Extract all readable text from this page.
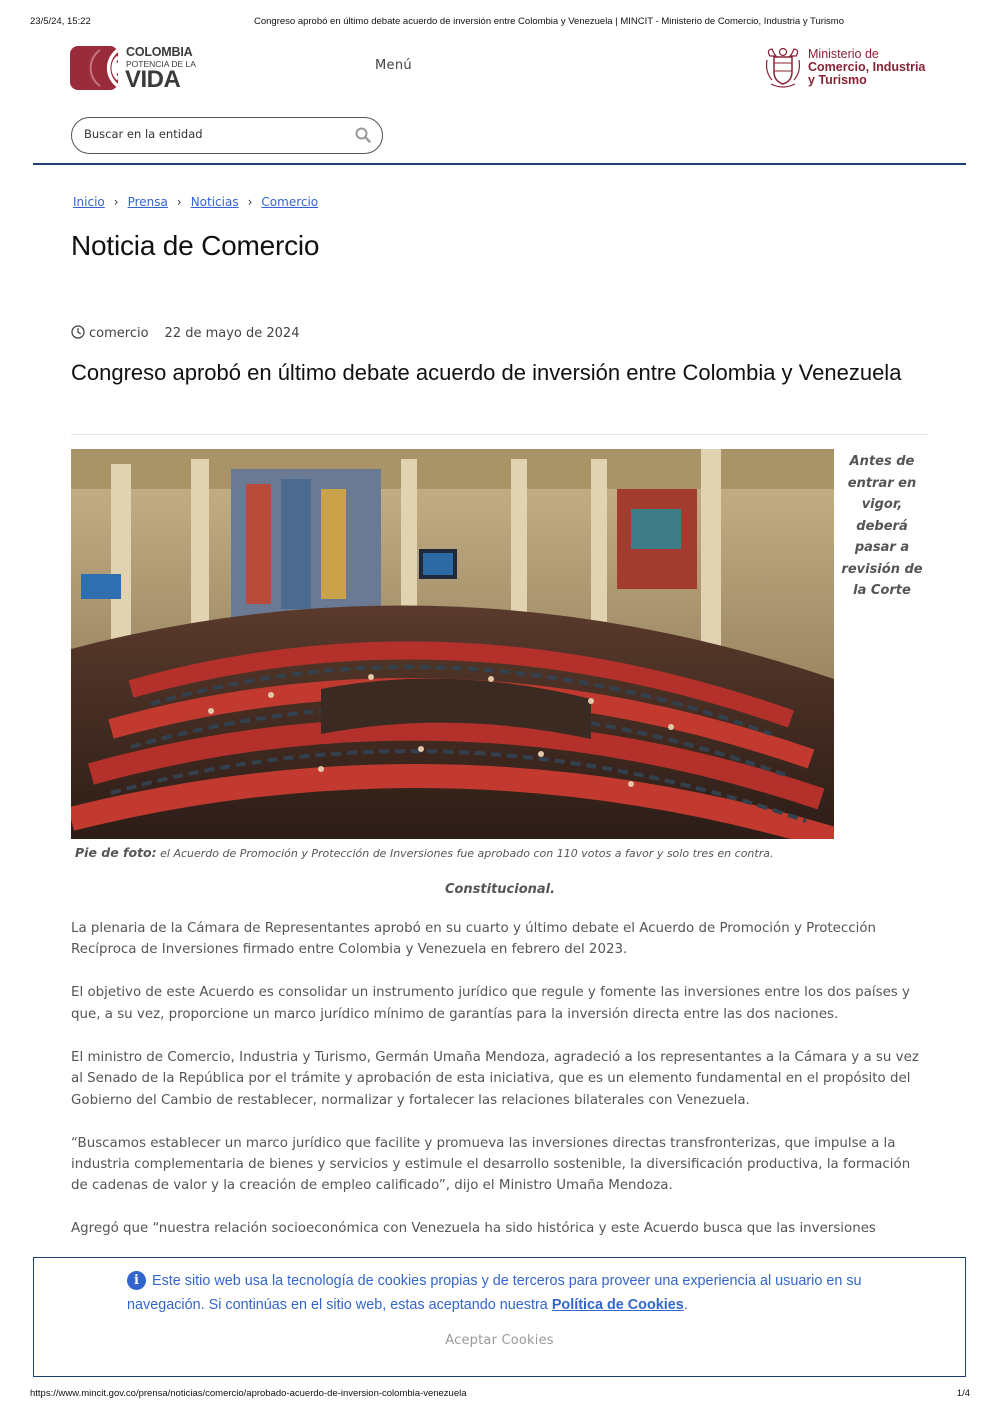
23/5/24, 15:22	Congreso aprobó en último debate acuerdo de inversión entre Colombia y Venezuela | MINCIT - Ministerio de Comercio, Industria y Turismo
COLOMBIA
POTENCIA DE LA
VIDA
Menú
Ministerio de
Comercio, Industria
y Turismo
Buscar en la entidad
Inicio › Prensa › Noticias › Comercio
Noticia de Comercio
comercio 22 de mayo de 2024
Congreso aprobó en último debate acuerdo de inversión entre Colombia y Venezuela

Antes de entrar en vigor, deberá pasar a revisión de la Corte

Pie de foto: el Acuerdo de Promoción y Protección de Inversiones fue aprobado con 110 votos a favor y solo tres en contra.

Constitucional.

La plenaria de la Cámara de Representantes aprobó en su cuarto y último debate el Acuerdo de Promoción y Protección Recíproca de Inversiones firmado entre Colombia y Venezuela en febrero del 2023.

El objetivo de este Acuerdo es consolidar un instrumento jurídico que regule y fomente las inversiones entre los dos países y que, a su vez, proporcione un marco jurídico mínimo de garantías para la inversión directa entre las dos naciones.

El ministro de Comercio, Industria y Turismo, Germán Umaña Mendoza, agradeció a los representantes a la Cámara y a su vez al Senado de la República por el trámite y aprobación de esta iniciativa, que es un elemento fundamental en el propósito del Gobierno del Cambio de restablecer, normalizar y fortalecer las relaciones bilaterales con Venezuela.

“Buscamos establecer un marco jurídico que facilite y promueva las inversiones directas transfronterizas, que impulse a la industria complementaria de bienes y servicios y estimule el desarrollo sostenible, la diversificación productiva, la formación de cadenas de valor y la creación de empleo calificado”, dijo el Ministro Umaña Mendoza.

Agregó que “nuestra relación socioeconómica con Venezuela ha sido histórica y este Acuerdo busca que las inversiones

i Este sitio web usa la tecnología de cookies propias y de terceros para proveer una experiencia al usuario en su navegación. Si continúas en el sitio web, estas aceptando nuestra Política de Cookies.

Aceptar Cookies
https://www.mincit.gov.co/prensa/noticias/comercio/aprobado-acuerdo-de-inversion-colombia-venezuela	1/4
